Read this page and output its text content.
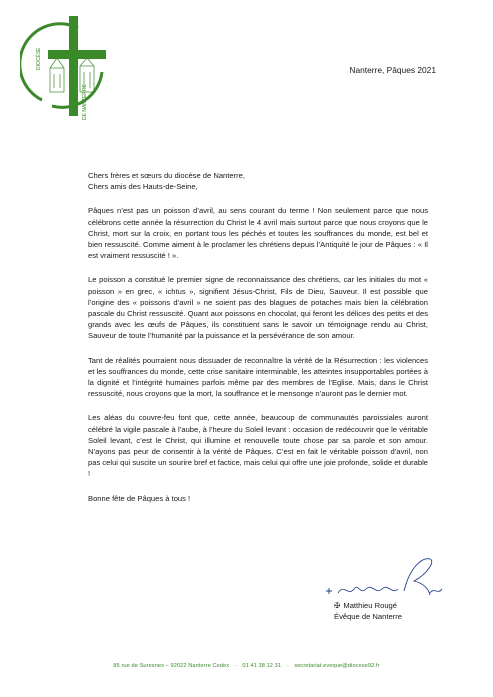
DIOCÈSE
DE NANTERRE
Nanterre, Pâques 2021

Chers frères et sœurs du diocèse de Nanterre,

Chers amis des Hauts-de-Seine,

Pâques n’est pas un poisson d’avril, au sens courant du terme ! Non seulement parce que nous célébrons cette année la résurrection du Christ le 4 avril mais surtout parce que nous croyons que le Christ, mort sur la croix, en portant tous les péchés et toutes les souffrances du monde, est bel et bien ressuscité. Comme aiment à le proclamer les chrétiens depuis l’Antiquité le jour de Pâques : « Il est vraiment ressuscité ! ».

Le poisson a constitué le premier signe de reconnaissance des chrétiens, car les initiales du mot « poisson » en grec, « ichtus », signifient Jésus-Christ, Fils de Dieu, Sauveur. Il est possible que l’origine des « poissons d’avril » ne soient pas des blagues de potaches mais bien la célébration pascale du Christ ressuscité. Quant aux poissons en chocolat, qui feront les délices des petits et des grands avec les œufs de Pâques, ils constituent sans le savoir un témoignage rendu au Christ, Sauveur de toute l’humanité par la puissance et la persévérance de son amour.

Tant de réalités pourraient nous dissuader de reconnaître la vérité de la Résurrection : les violences et les souffrances du monde, cette crise sanitaire interminable, les atteintes insupportables portées à la dignité et l’intégrité humaines parfois même par des membres de l’Eglise. Mais, dans le Christ ressuscité, nous croyons que la mort, la souffrance et le mensonge n’auront pas le dernier mot.

Les aléas du couvre-feu font que, cette année, beaucoup de communautés paroissiales auront célébré la vigile pascale à l’aube, à l’heure du Soleil levant : occasion de redécouvrir que le véritable Soleil levant, c’est le Christ, qui illumine et renouvelle toute chose par sa parole et son amour. N’ayons pas peur de consentir à la vérité de Pâques. C’est en fait le véritable poisson d’avril, non pas celui qui suscite un sourire bref et factice, mais celui qui offre une joie profonde, solide et durable !

Bonne fête de Pâques à tous !

✠ Matthieu Rougé
Évêque de Nanterre
85 rue de Suresnes – 92022 Nanterre Cedex – 01 41 38 12 31 – secretariat.eveque@diocese92.fr
